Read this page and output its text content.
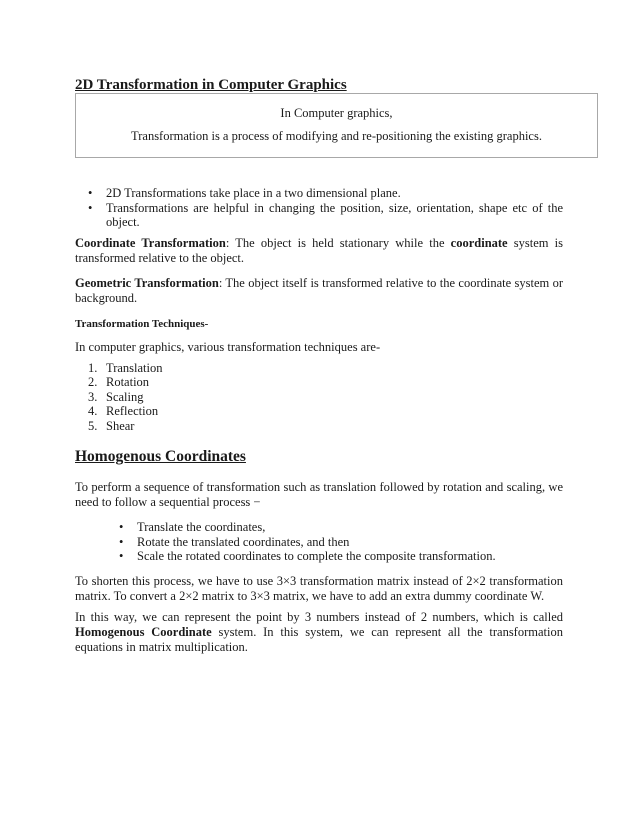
2D Transformation in Computer Graphics
In Computer graphics,
Transformation is a process of modifying and re-positioning the existing graphics.
• 2D Transformations take place in a two dimensional plane.
• Transformations are helpful in changing the position, size, orientation, shape etc of the object.

Coordinate Transformation: The object is held stationary while the coordinate system is transformed relative to the object.

Geometric Transformation: The object itself is transformed relative to the coordinate system or background.

Transformation Techniques-

In computer graphics, various transformation techniques are-

1. Translation
2. Rotation
3. Scaling
4. Reflection
5. Shear
Homogenous Coordinates

To perform a sequence of transformation such as translation followed by rotation and scaling, we need to follow a sequential process −

• Translate the coordinates,
• Rotate the translated coordinates, and then
• Scale the rotated coordinates to complete the composite transformation.

To shorten this process, we have to use 3×3 transformation matrix instead of 2×2 transformation matrix. To convert a 2×2 matrix to 3×3 matrix, we have to add an extra dummy coordinate W.

In this way, we can represent the point by 3 numbers instead of 2 numbers, which is called Homogenous Coordinate system. In this system, we can represent all the transformation equations in matrix multiplication.
